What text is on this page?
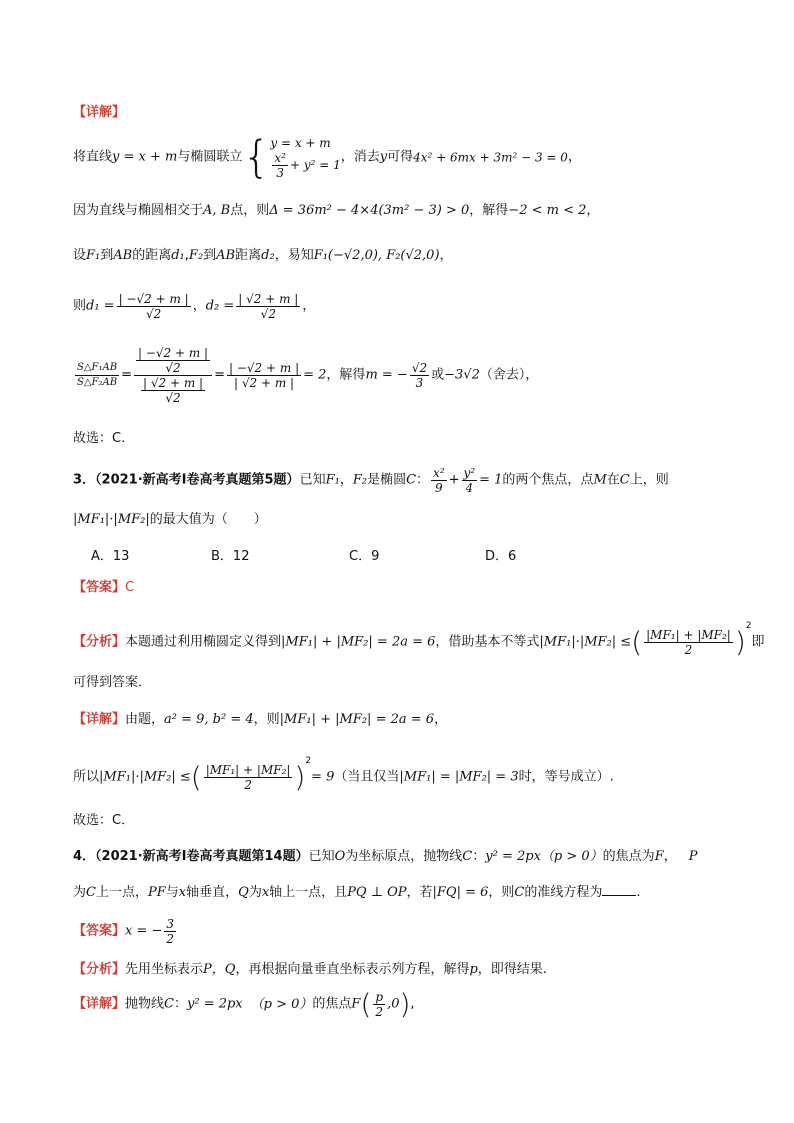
【详解】
将直线y = x + m与椭圆联立{ y = x + m
$\frac{\text{x²}}{3} + y^2 = 1$
，消去y可得4x² + 6mx + 3m² − 3 = 0，
因为直线与椭圆相交于A, B点，则Δ = 36m² − 4×4(3m² − 3) > 0，解得−2 < m < 2，
设F₁到AB的距离d₁,F₂到AB距离d₂，易知F₁(−√2,0), F₂(√2,0)，
则$d_1 = \frac{| -√2 + m |}{√2}$ ，$d_2 = \frac{| √2 + m |}{√2}$ ，
$\frac{\text{S△F₁AB}}{\text{S△F₂AB}} = \frac{\frac{| -√2 + m |}{√2}}{\frac{| √2 + m |}{√2}} = \frac{| -√2 + m |}{| √2 + m |} = 2$，解得m = − $\frac{√2}{3}$ 或−3√2（舍去），
故选：C.
3．（2021·新高考Ⅰ卷高考真题第5题）已知F₁，F₂是椭圆C： $\frac{\text{x²}}{9} + \frac{\text{y²}}{4} = 1$的两个焦点，点M在C上，则
|MF₁|·|MF₂|的最大值为（　　）
A．13	B．12	C．9	D．6
【答案】C
【分析】本题通过利用椭圆定义得到|MF₁| + |MF₂| = 2a = 6，借助基本不等式|MF₁|·|MF₂| ≤( $\frac{\text{|MF₁| + |MF₂|}}{2} )^2$即
可得到答案．
【详解】由题，a² = 9, b² = 4，则|MF₁| + |MF₂| = 2a = 6，
所以|MF₁|·|MF₂| ≤( $\frac{\text{|MF₁| + |MF₂|}}{2} )^2= 9$（当且仅当|MF₁| = |MF₂| = 3时，等号成立）.
故选：C．
4．（2021·新高考Ⅰ卷高考真题第14题）已知O为坐标原点，抛物线C：y² = 2px（p > 0）的焦点为F， P
为C上一点，PF与x轴垂直，Q为x轴上一点，且PQ ⊥ OP，若|FQ| = 6，则C的准线方程为	.
【答案】x = − $\frac{3}{2}$
【分析】先用坐标表示P，Q，再根据向量垂直坐标表示列方程，解得p，即得结果.
【详解】抛物线C：y² = 2px （p > 0）的焦点$F( \frac{p}{2} ,0)$,
